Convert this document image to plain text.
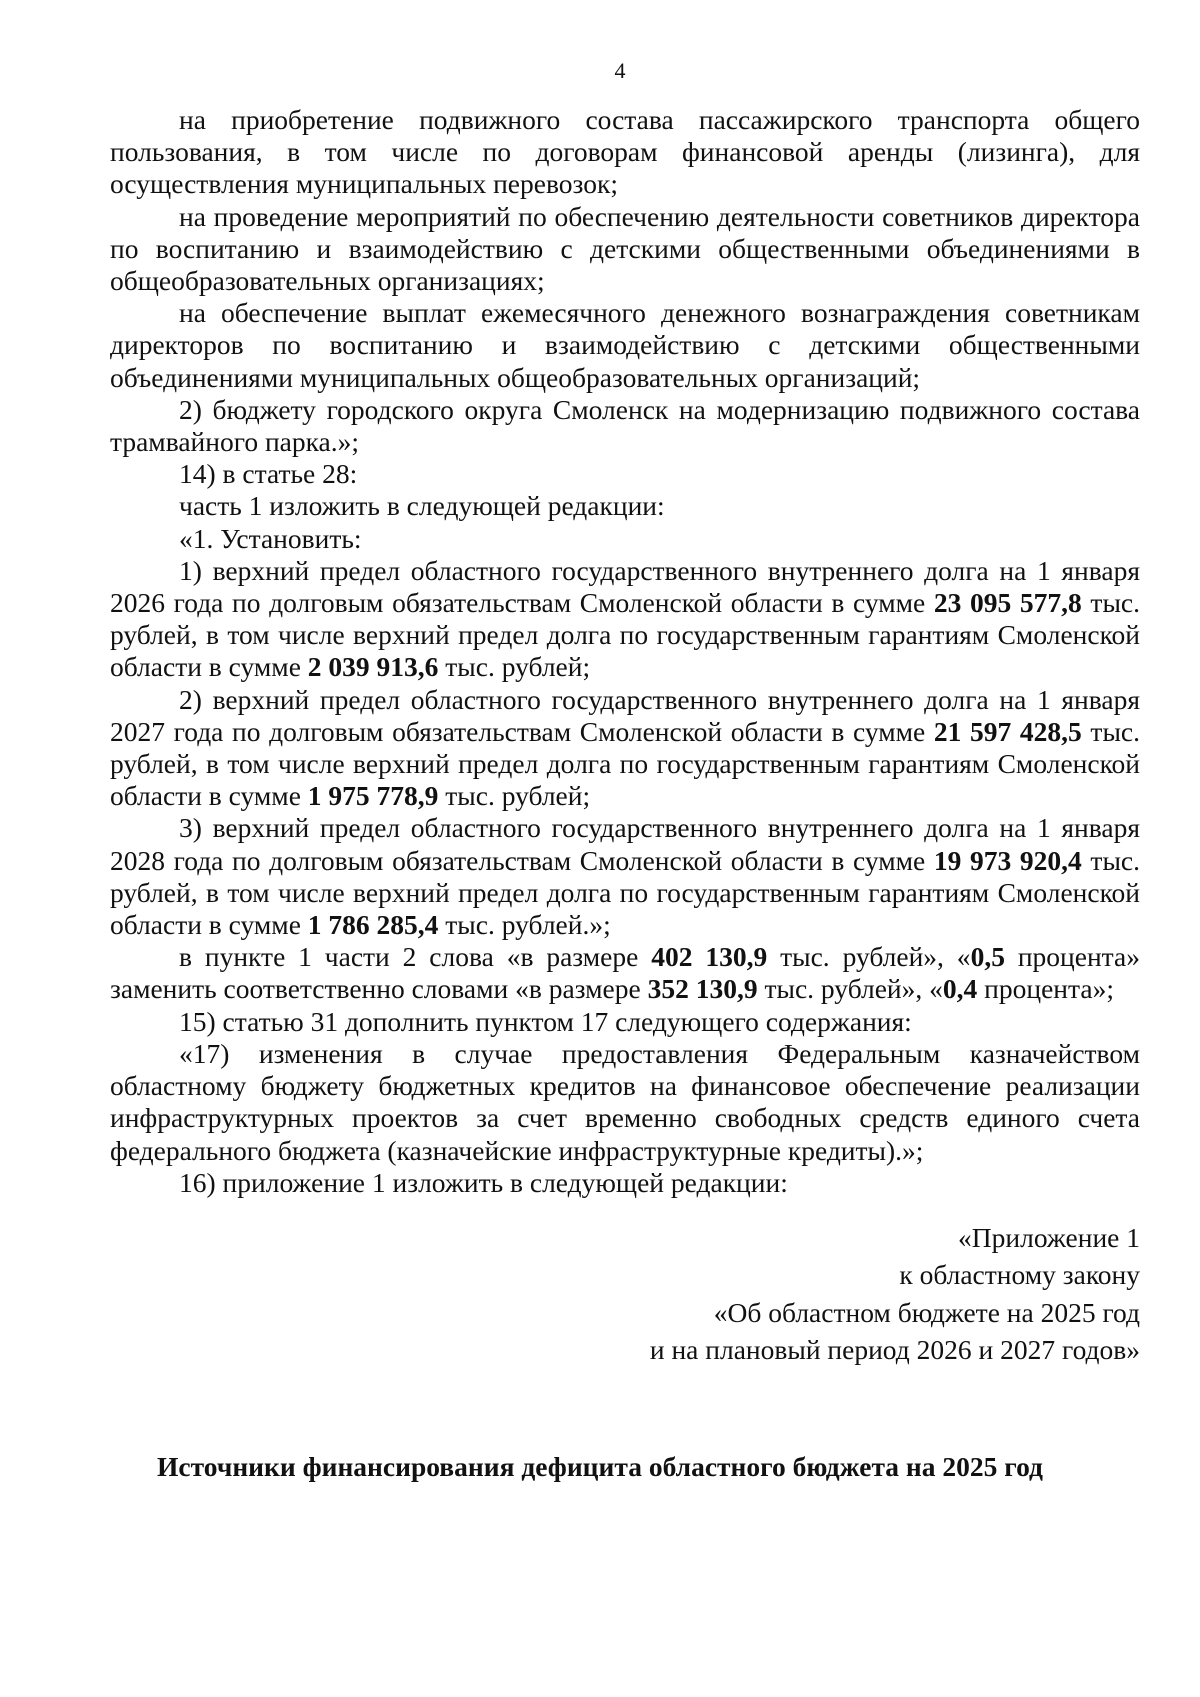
4

на приобретение подвижного состава пассажирского транспорта общего пользования, в том числе по договорам финансовой аренды (лизинга), для осуществления муниципальных перевозок;

на проведение мероприятий по обеспечению деятельности советников директора по воспитанию и взаимодействию с детскими общественными объединениями в общеобразовательных организациях;

на обеспечение выплат ежемесячного денежного вознаграждения советникам директоров по воспитанию и взаимодействию с детскими общественными объединениями муниципальных общеобразовательных организаций;

2) бюджету городского округа Смоленск на модернизацию подвижного состава трамвайного парка.»;

14) в статье 28:

часть 1 изложить в следующей редакции:

«1. Установить:

1) верхний предел областного государственного внутреннего долга на 1 января 2026 года по долговым обязательствам Смоленской области в сумме 23 095 577,8 тыс. рублей, в том числе верхний предел долга по государственным гарантиям Смоленской области в сумме 2 039 913,6 тыс. рублей;

2) верхний предел областного государственного внутреннего долга на 1 января 2027 года по долговым обязательствам Смоленской области в сумме 21 597 428,5 тыс. рублей, в том числе верхний предел долга по государственным гарантиям Смоленской области в сумме 1 975 778,9 тыс. рублей;

3) верхний предел областного государственного внутреннего долга на 1 января 2028 года по долговым обязательствам Смоленской области в сумме 19 973 920,4 тыс. рублей, в том числе верхний предел долга по государственным гарантиям Смоленской области в сумме 1 786 285,4 тыс. рублей.»;

в пункте 1 части 2 слова «в размере 402 130,9 тыс. рублей», «0,5 процента» заменить соответственно словами «в размере 352 130,9 тыс. рублей», «0,4 процента»;

15) статью 31 дополнить пунктом 17 следующего содержания:

«17) изменения в случае предоставления Федеральным казначейством областному бюджету бюджетных кредитов на финансовое обеспечение реализации инфраструктурных проектов за счет временно свободных средств единого счета федерального бюджета (казначейские инфраструктурные кредиты).»;

16) приложение 1 изложить в следующей редакции:

«Приложение 1
к областному закону
«Об областном бюджете на 2025 год
и на плановый период 2026 и 2027 годов»
Источники финансирования дефицита областного бюджета на 2025 год
